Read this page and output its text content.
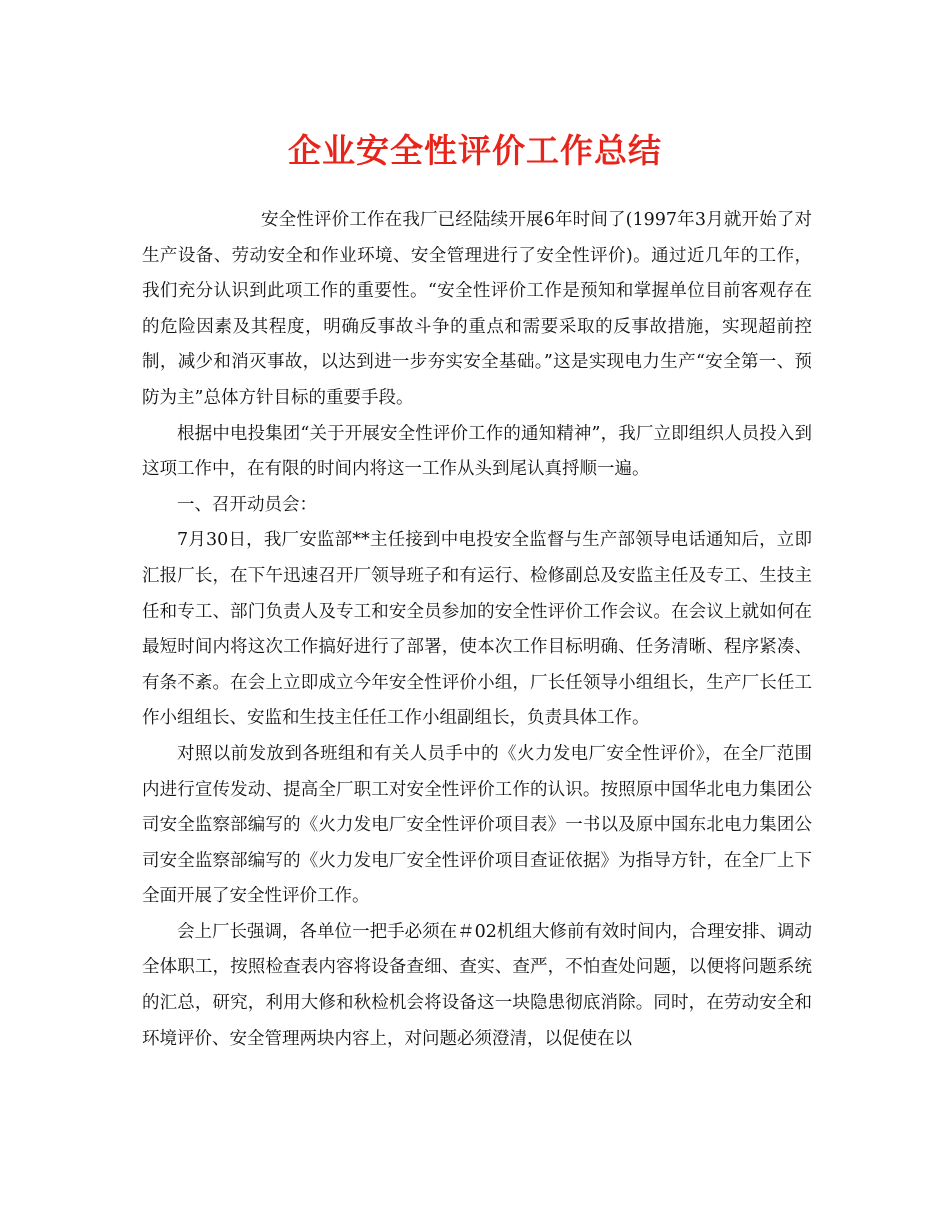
企业安全性评价工作总结

安全性评价工作在我厂已经陆续开展6年时间了(1997年3月就开始了对生产设备、劳动安全和作业环境、安全管理进行了安全性评价)。通过近几年的工作，我们充分认识到此项工作的重要性。“安全性评价工作是预知和掌握单位目前客观存在的危险因素及其程度，明确反事故斗争的重点和需要采取的反事故措施，实现超前控制，减少和消灭事故，以达到进一步夯实安全基础。”这是实现电力生产“安全第一、预防为主”总体方针目标的重要手段。

根据中电投集团“关于开展安全性评价工作的通知精神”，我厂立即组织人员投入到这项工作中，在有限的时间内将这一工作从头到尾认真捋顺一遍。

一、召开动员会：

7月30日，我厂安监部**主任接到中电投安全监督与生产部领导电话通知后，立即汇报厂长，在下午迅速召开厂领导班子和有运行、检修副总及安监主任及专工、生技主任和专工、部门负责人及专工和安全员参加的安全性评价工作会议。在会议上就如何在最短时间内将这次工作搞好进行了部署，使本次工作目标明确、任务清晰、程序紧凑、有条不紊。在会上立即成立今年安全性评价小组，厂长任领导小组组长，生产厂长任工作小组组长、安监和生技主任任工作小组副组长，负责具体工作。

对照以前发放到各班组和有关人员手中的《火力发电厂安全性评价》，在全厂范围内进行宣传发动、提高全厂职工对安全性评价工作的认识。按照原中国华北电力集团公司安全监察部编写的《火力发电厂安全性评价项目表》一书以及原中国东北电力集团公司安全监察部编写的《火力发电厂安全性评价项目查证依据》为指导方针，在全厂上下全面开展了安全性评价工作。

会上厂长强调，各单位一把手必须在＃02机组大修前有效时间内，合理安排、调动全体职工，按照检查表内容将设备查细、查实、查严，不怕查处问题，以便将问题系统的汇总，研究，利用大修和秋检机会将设备这一块隐患彻底消除。同时，在劳动安全和环境评价、安全管理两块内容上，对问题必须澄清，以促使在以
